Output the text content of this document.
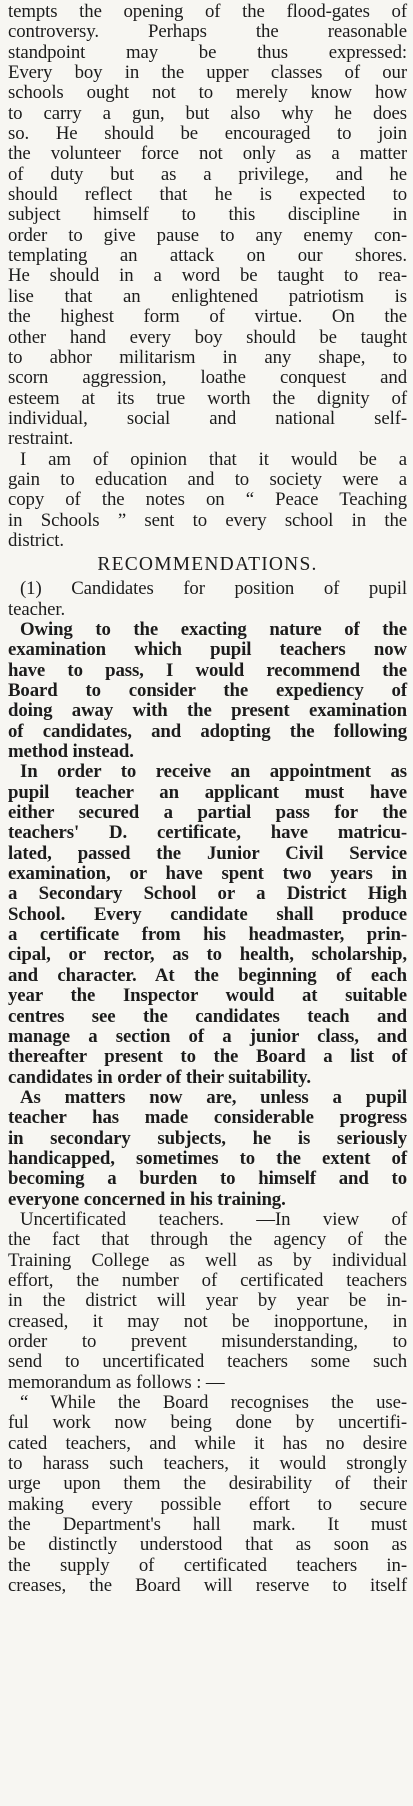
tempts the opening of the flood-gates of
controversy. Perhaps the reasonable
standpoint may be thus expressed:
Every boy in the upper classes of our
schools ought not to merely know how
to carry a gun, but also why he does
so. He should be encouraged to join
the volunteer force not only as a matter
of duty but as a privilege, and he
should reflect that he is expected to
subject himself to this discipline in
order to give pause to any enemy con-
templating an attack on our shores.
He should in a word be taught to rea-
lise that an enlightened patriotism is
the highest form of virtue. On the
other hand every boy should be taught
to abhor militarism in any shape, to
scorn aggression, loathe conquest and
esteem at its true worth the dignity of
individual, social and national self-
restraint.
I am of opinion that it would be a
gain to education and to society were a
copy of the notes on “ Peace Teaching
in Schools ” sent to every school in the
district.
RECOMMENDATIONS.
(1) Candidates for position of pupil
teacher.
Owing to the exacting nature of the
examination which pupil teachers now
have to pass, I would recommend the
Board to consider the expediency of
doing away with the present examination
of candidates, and adopting the following
method instead.
In order to receive an appointment as
pupil teacher an applicant must have
either secured a partial pass for the
teachers' D. certificate, have matricu-
lated, passed the Junior Civil Service
examination, or have spent two years in
a Secondary School or a District High
School. Every candidate shall produce
a certificate from his headmaster, prin-
cipal, or rector, as to health, scholarship,
and character. At the beginning of each
year the Inspector would at suitable
centres see the candidates teach and
manage a section of a junior class, and
thereafter present to the Board a list of
candidates in order of their suitability.
As matters now are, unless a pupil
teacher has made considerable progress
in secondary subjects, he is seriously
handicapped, sometimes to the extent of
becoming a burden to himself and to
everyone concerned in his training.
Uncertificated teachers. —In view of
the fact that through the agency of the
Training College as well as by individual
effort, the number of certificated teachers
in the district will year by year be in-
creased, it may not be inopportune, in
order to prevent misunderstanding, to
send to uncertificated teachers some such
memorandum as follows : —
“ While the Board recognises the use-
ful work now being done by uncertifi-
cated teachers, and while it has no desire
to harass such teachers, it would strongly
urge upon them the desirability of their
making every possible effort to secure
the Department's hall mark. It must
be distinctly understood that as soon as
the supply of certificated teachers in-
creases, the Board will reserve to itself
